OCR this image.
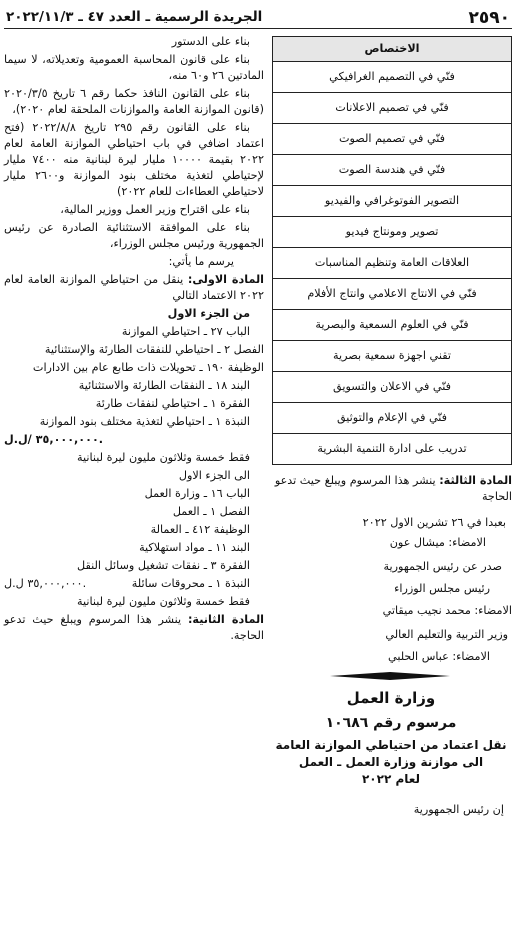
٢٥٩٠
الجريدة الرسمية ـ العدد ٤٧ ـ ٢٠٢٢/١١/٣
الاختصاص
فنّي في التصميم الغرافيكي
فنّي في تصميم الاعلانات
فنّي في تصميم الصوت
فنّي في هندسة الصوت
التصوير الفوتوغرافي والفيديو
تصوير ومونتاج فيديو
العلاقات العامة وتنظيم المناسبات
فنّي في الانتاج الاعلامي وانتاج الأفلام
فنّي في العلوم السمعية والبصرية
تقني اجهزة سمعية بصرية
فنّي في الاعلان والتسويق
فنّي في الإعلام والتوثيق
تدريب على ادارة التنمية البشرية

المادة الثالثة: ينشر هذا المرسوم ويبلغ حيث تدعو الحاجة

بعبدا في ٢٦ تشرين الاول ٢٠٢٢

الامضاء: ميشال عون

صدر عن رئيس الجمهورية

رئيس مجلس الوزراء

الامضاء: محمد نجيب ميقاتي

وزير التربية والتعليم العالي

الامضاء: عباس الحلبي

وزارة العمل
مرسوم رقم ١٠٦٨٦
نقل اعتماد من احتياطي الموازنة العامة
الى موازنة وزارة العمل ـ العمل
لعام ٢٠٢٢

إن رئيس الجمهورية

بناء على الدستور

بناء على قانون المحاسبة العمومية وتعديلاته، لا سيما المادتين ٢٦ و٦٠ منه،

بناء على القانون النافذ حكما رقم ٦ تاريخ ٢٠٢٠/٣/٥ (قانون الموازنة العامة والموازنات الملحقة لعام ٢٠٢٠)،

بناء على القانون رقم ٢٩٥ تاريخ ٢٠٢٢/٨/٨ (فتح اعتماد اضافي في باب احتياطي الموازنة العامة لعام ٢٠٢٢ بقيمة ١٠٠٠٠ مليار ليرة لبنانية منه ٧٤٠٠ مليار لإحتياطي لتغذية مختلف بنود الموازنة و٢٦٠٠ مليار لاحتياطي العطاءات للعام ٢٠٢٢)

بناء على اقتراح وزير العمل ووزير المالية،

بناء على الموافقة الاستثنائية الصادرة عن رئيس الجمهورية ورئيس مجلس الوزراء،

يرسم ما يأتي:

المادة الاولى: ينقل من احتياطي الموازنة العامة لعام ٢٠٢٢ الاعتماد التالي

من الجزء الاول

الباب ٢٧ ـ احتياطي الموازنة

الفصل ٢ ـ احتياطي للنفقات الطارئة والإستثنائية

الوظيفة ١٩٠ ـ تحويلات ذات طابع عام بين الادارات

البند ١٨ ـ النفقات الطارئة والاستثنائية

الفقرة ١ ـ احتياطي لنفقات طارئة

النبذة ١ ـ احتياطي لتغذية مختلف بنود الموازنة

٣٥,٠٠٠,٠٠٠ /ل.ل.

فقط خمسة وثلاثون مليون ليرة لبنانية

الى الجزء الاول

الباب ١٦ ـ وزارة العمل

الفصل ١ ـ العمل

الوظيفة ٤١٢ ـ العمالة

البند ١١ ـ مواد استهلاكية

الفقرة ٣ ـ نفقات تشغيل وسائل النقل

النبذة ١ ـ محروقات سائلة
٣٥,٠٠٠,٠٠٠ ل.ل.

فقط خمسة وثلاثون مليون ليرة لبنانية

المادة الثانية: ينشر هذا المرسوم ويبلغ حيث تدعو الحاجة.
